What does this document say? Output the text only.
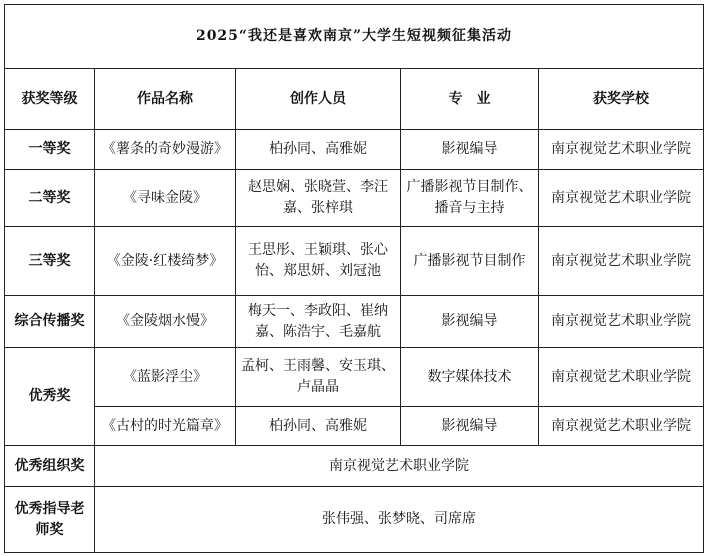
2025“我还是喜欢南京”大学生短视频征集活动				
获奖等级	作品名称	创作人员	专　业	获奖学校
一等奖	《薯条的奇妙漫游》	柏孙同、高雅妮	影视编导	南京视觉艺术职业学院
二等奖	《寻味金陵》	赵思娴、张晓萱、李汪嘉、张梓琪	广播影视节目制作、播音与主持	南京视觉艺术职业学院
三等奖	《金陵·红楼绮梦》	王思彤、王颖琪、张心怡、郑思妍、刘冠池	广播影视节目制作	南京视觉艺术职业学院
综合传播奖	《金陵烟水慢》	梅天一、李政阳、崔纳嘉、陈浩宇、毛嘉航	影视编导	南京视觉艺术职业学院
优秀奖	《蓝影浮尘》	孟柯、王雨馨、安玉琪、卢晶晶	数字媒体技术	南京视觉艺术职业学院
	《古村的时光篇章》	柏孙同、高雅妮	影视编导	南京视觉艺术职业学院
优秀组织奖	南京视觉艺术职业学院			
优秀指导老师奖	张伟强、张梦晓、司席席			
